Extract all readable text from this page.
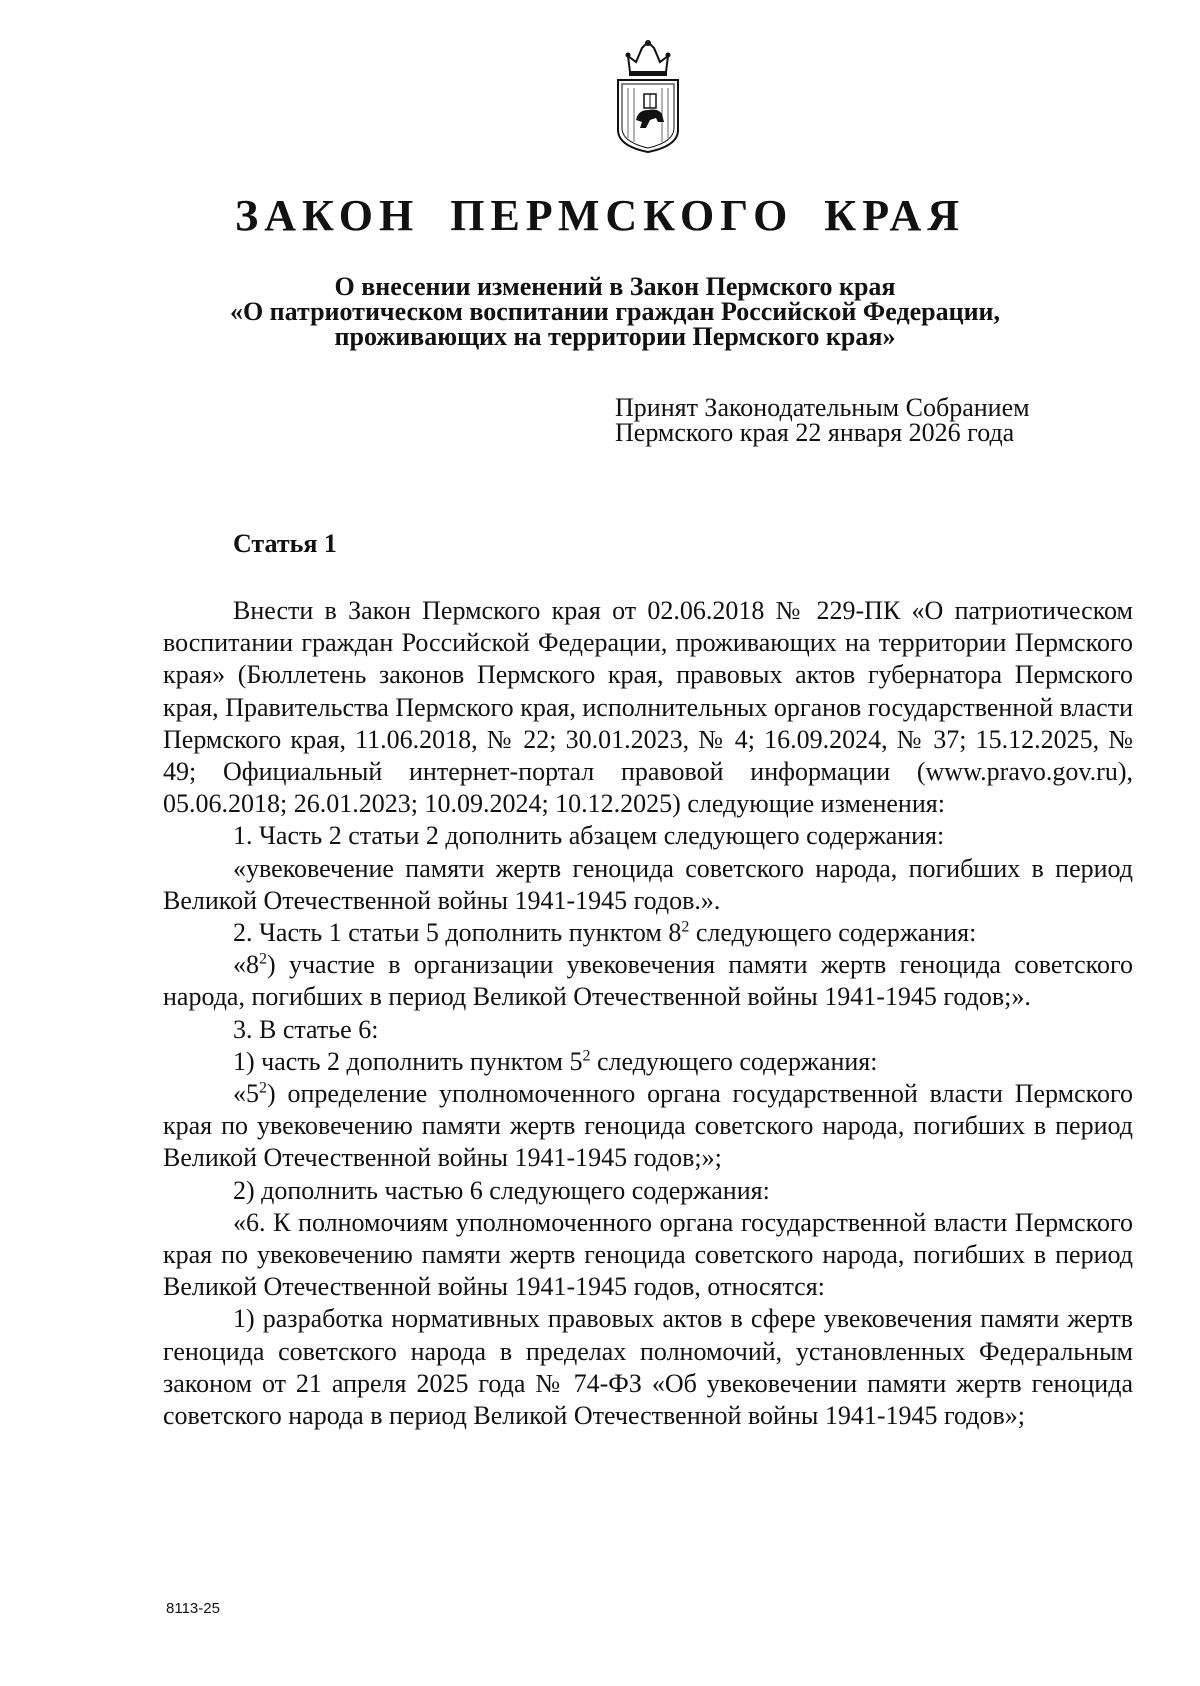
ЗАКОН ПЕРМСКОГО КРАЯ
О внесении изменений в Закон Пермского края
«О патриотическом воспитании граждан Российской Федерации,
проживающих на территории Пермского края»
Принят Законодательным Собранием
Пермского края 22 января 2026 года
Статья 1

Внести в Закон Пермского края от 02.06.2018 № 229-ПК «О патриотическом воспитании граждан Российской Федерации, проживающих на территории Пермского края» (Бюллетень законов Пермского края, правовых актов губернатора Пермского края, Правительства Пермского края, исполнительных органов государственной власти Пермского края, 11.06.2018, № 22; 30.01.2023, № 4; 16.09.2024, № 37; 15.12.2025, № 49; Официальный интернет-портал правовой информации (www.pravo.gov.ru), 05.06.2018; 26.01.2023; 10.09.2024; 10.12.2025) следующие изменения:

1. Часть 2 статьи 2 дополнить абзацем следующего содержания:

«увековечение памяти жертв геноцида советского народа, погибших в период Великой Отечественной войны 1941-1945 годов.».

2. Часть 1 статьи 5 дополнить пунктом $8^2$ следующего содержания:

«$8^2$) участие в организации увековечения памяти жертв геноцида советского народа, погибших в период Великой Отечественной войны 1941-1945 годов;».

3. В статье 6:

1) часть 2 дополнить пунктом $5^2$ следующего содержания:

«$5^2$) определение уполномоченного органа государственной власти Пермского края по увековечению памяти жертв геноцида советского народа, погибших в период Великой Отечественной войны 1941-1945 годов;»;

2) дополнить частью 6 следующего содержания:

«6. К полномочиям уполномоченного органа государственной власти Пермского края по увековечению памяти жертв геноцида советского народа, погибших в период Великой Отечественной войны 1941-1945 годов, относятся:

1) разработка нормативных правовых актов в сфере увековечения памяти жертв геноцида советского народа в пределах полномочий, установленных Федеральным законом от 21 апреля 2025 года № 74-ФЗ «Об увековечении памяти жертв геноцида советского народа в период Великой Отечественной войны 1941-1945 годов»;

8113-25
